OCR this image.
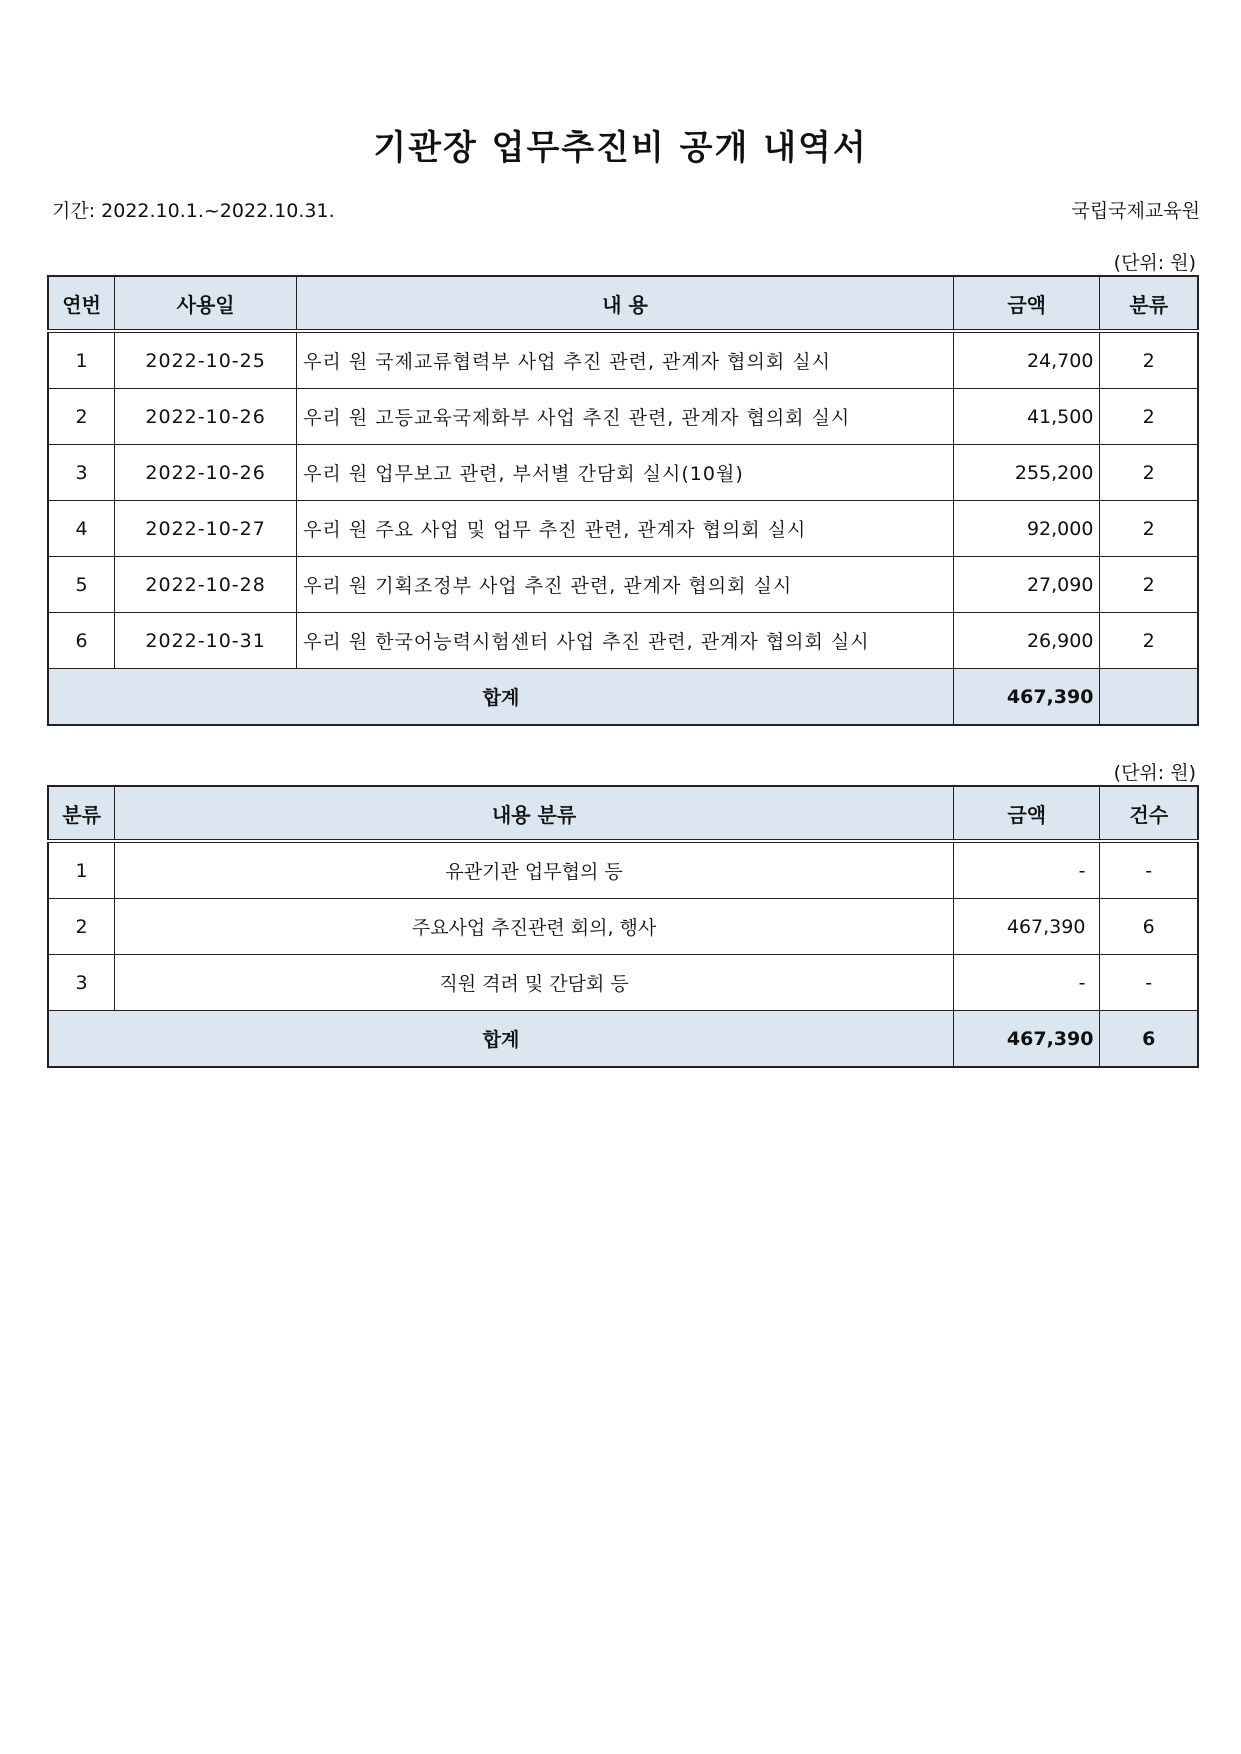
기관장 업무추진비 공개 내역서
기간: 2022.10.1.~2022.10.31.	국립국제교육원
(단위: 원)
연번	사용일	내 용	금액	분류
1	2022-10-25	우리 원 국제교류협력부 사업 추진 관련, 관계자 협의회 실시	24,700	2
2	2022-10-26	우리 원 고등교육국제화부 사업 추진 관련, 관계자 협의회 실시	41,500	2
3	2022-10-26	우리 원 업무보고 관련, 부서별 간담회 실시(10월)	255,200	2
4	2022-10-27	우리 원 주요 사업 및 업무 추진 관련, 관계자 협의회 실시	92,000	2
5	2022-10-28	우리 원 기획조정부 사업 추진 관련, 관계자 협의회 실시	27,090	2
6	2022-10-31	우리 원 한국어능력시험센터 사업 추진 관련, 관계자 협의회 실시	26,900	2
합계			467,390	
(단위: 원)
분류	내용 분류	금액	건수
1	유관기관 업무협의 등	-	-
2	주요사업 추진관련 회의, 행사	467,390	6
3	직원 격려 및 간담회 등	-	-
합계		467,390	6
